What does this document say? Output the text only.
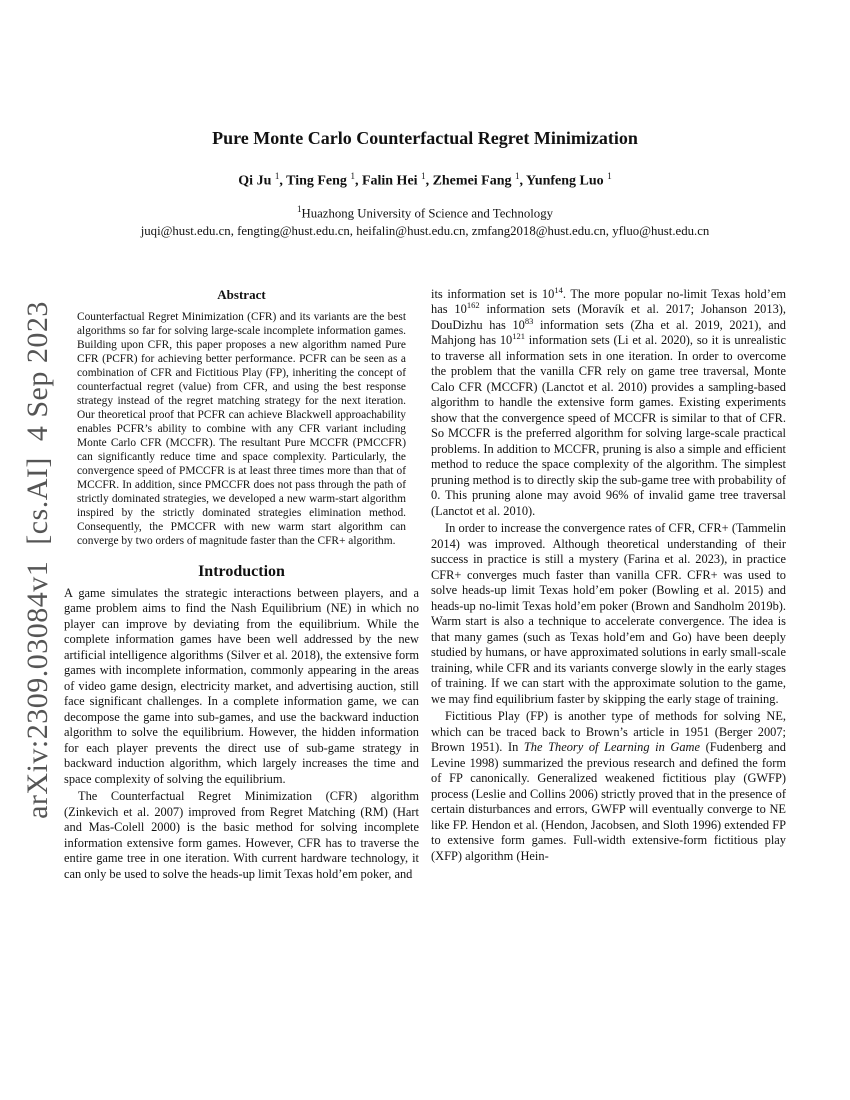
arXiv:2309.03084v1  [cs.AI]  4 Sep 2023
Pure Monte Carlo Counterfactual Regret Minimization
Qi Ju $^1$, Ting Feng $^1$, Falin Hei $^1$, Zhemei Fang $^1$, Yunfeng Luo $^1$
$^1$Huazhong University of Science and Technology
juqi@hust.edu.cn, fengting@hust.edu.cn, heifalin@hust.edu.cn, zmfang2018@hust.edu.cn, yfluo@hust.edu.cn
Abstract

Counterfactual Regret Minimization (CFR) and its variants are the best algorithms so far for solving large-scale incomplete information games. Building upon CFR, this paper proposes a new algorithm named Pure CFR (PCFR) for achieving better performance. PCFR can be seen as a combination of CFR and Fictitious Play (FP), inheriting the concept of counterfactual regret (value) from CFR, and using the best response strategy instead of the regret matching strategy for the next iteration. Our theoretical proof that PCFR can achieve Blackwell approachability enables PCFR’s ability to combine with any CFR variant including Monte Carlo CFR (MCCFR). The resultant Pure MCCFR (PMCCFR) can significantly reduce time and space complexity. Particularly, the convergence speed of PMCCFR is at least three times more than that of MCCFR. In addition, since PMCCFR does not pass through the path of strictly dominated strategies, we developed a new warm-start algorithm inspired by the strictly dominated strategies elimination method. Consequently, the PMCCFR with new warm start algorithm can converge by two orders of magnitude faster than the CFR+ algorithm.

Introduction

A game simulates the strategic interactions between players, and a game problem aims to find the Nash Equilibrium (NE) in which no player can improve by deviating from the equilibrium. While the complete information games have been well addressed by the new artificial intelligence algorithms (Silver et al. 2018), the extensive form games with incomplete information, commonly appearing in the areas of video game design, electricity market, and advertising auction, still face significant challenges. In a complete information game, we can decompose the game into sub-games, and use the backward induction algorithm to solve the equilibrium. However, the hidden information for each player prevents the direct use of sub-game strategy in backward induction algorithm, which largely increases the time and space complexity of solving the equilibrium.

The Counterfactual Regret Minimization (CFR) algorithm (Zinkevich et al. 2007) improved from Regret Matching (RM) (Hart and Mas-Colell 2000) is the basic method for solving incomplete information extensive form games. However, CFR has to traverse the entire game tree in one iteration. With current hardware technology, it can only be used to solve the heads-up limit Texas hold’em poker, and

its information set is $10^{14}$. The more popular no-limit Texas hold’em has $10^{162}$ information sets (Moravík et al. 2017; Johanson 2013), DouDizhu has $10^{83}$ information sets (Zha et al. 2019, 2021), and Mahjong has $10^{121}$ information sets (Li et al. 2020), so it is unrealistic to traverse all information sets in one iteration. In order to overcome the problem that the vanilla CFR rely on game tree traversal, Monte Calo CFR (MCCFR) (Lanctot et al. 2010) provides a sampling-based algorithm to handle the extensive form games. Existing experiments show that the convergence speed of MCCFR is similar to that of CFR. So MCCFR is the preferred algorithm for solving large-scale practical problems. In addition to MCCFR, pruning is also a simple and efficient method to reduce the space complexity of the algorithm. The simplest pruning method is to directly skip the sub-game tree with probability of 0. This pruning alone may avoid 96% of invalid game tree traversal (Lanctot et al. 2010).

In order to increase the convergence rates of CFR, CFR+ (Tammelin 2014) was improved. Although theoretical understanding of their success in practice is still a mystery (Farina et al. 2023), in practice CFR+ converges much faster than vanilla CFR. CFR+ was used to solve heads-up limit Texas hold’em poker (Bowling et al. 2015) and heads-up no-limit Texas hold’em poker (Brown and Sandholm 2019b). Warm start is also a technique to accelerate convergence. The idea is that many games (such as Texas hold’em and Go) have been deeply studied by humans, or have approximated solutions in early small-scale training, while CFR and its variants converge slowly in the early stages of training. If we can start with the approximate solution to the game, we may find equilibrium faster by skipping the early stage of training.

Fictitious Play (FP) is another type of methods for solving NE, which can be traced back to Brown’s article in 1951 (Berger 2007; Brown 1951). In The Theory of Learning in Game (Fudenberg and Levine 1998) summarized the previous research and defined the form of FP canonically. Generalized weakened fictitious play (GWFP) process (Leslie and Collins 2006) strictly proved that in the presence of certain disturbances and errors, GWFP will eventually converge to NE like FP. Hendon et al. (Hendon, Jacobsen, and Sloth 1996) extended FP to extensive form games. Full-width extensive-form fictitious play (XFP) algorithm (Hein-
